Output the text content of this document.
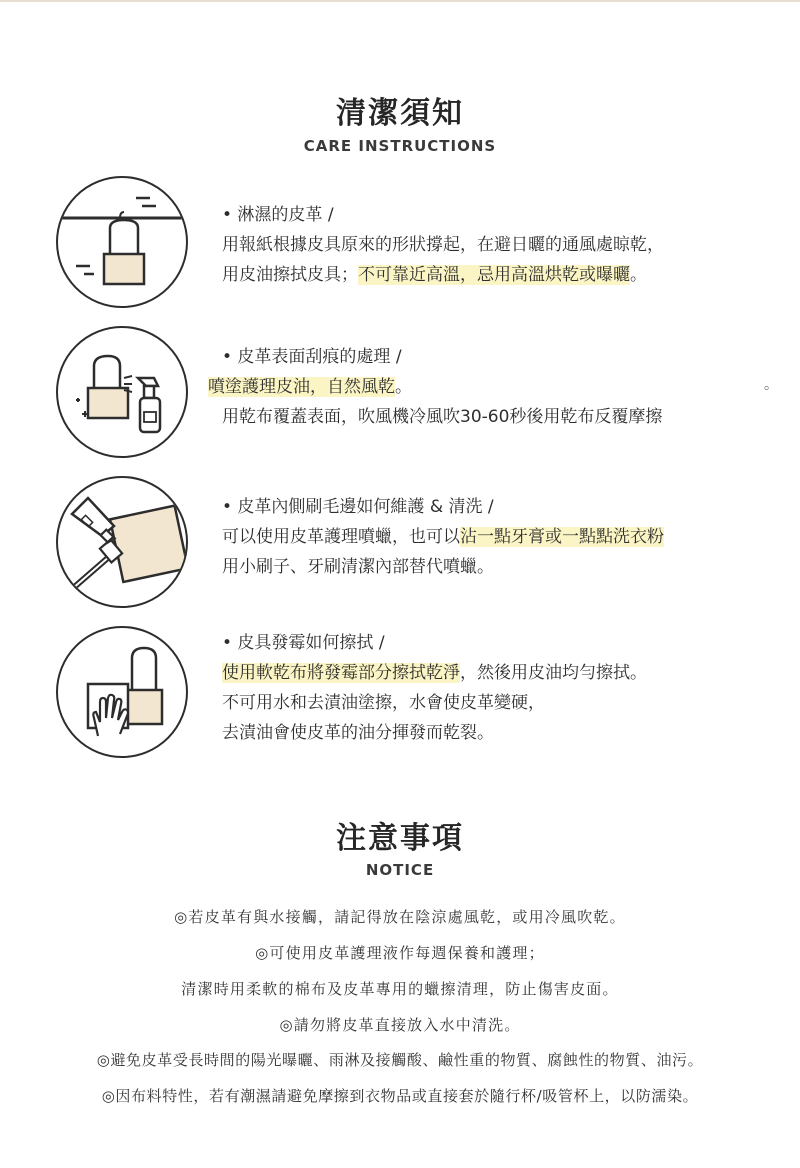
清潔須知
CARE INSTRUCTIONS
• 淋濕的皮革 /
用報紙根據皮具原來的形狀撐起，在避日曬的通風處晾乾，
用皮油擦拭皮具；不可靠近高溫，忌用高溫烘乾或曝曬。
• 皮革表面刮痕的處理 /
噴塗護理皮油，自然風乾。
用乾布覆蓋表面，吹風機冷風吹30-60秒後用乾布反覆摩擦
。
• 皮革內側刷毛邊如何維護 & 清洗 /
可以使用皮革護理噴蠟，也可以沾一點牙膏或一點點洗衣粉
用小刷子、牙刷清潔內部替代噴蠟。
• 皮具發霉如何擦拭 /
使用軟乾布將發霉部分擦拭乾淨，然後用皮油均勻擦拭。
不可用水和去漬油塗擦，水會使皮革變硬，
去漬油會使皮革的油分揮發而乾裂。
注意事項
NOTICE
◎若皮革有與水接觸，請記得放在陰涼處風乾，或用冷風吹乾。
◎可使用皮革護理液作每週保養和護理；
清潔時用柔軟的棉布及皮革專用的蠟擦清理，防止傷害皮面。
◎請勿將皮革直接放入水中清洗。
◎避免皮革受長時間的陽光曝曬、雨淋及接觸酸、鹼性重的物質、腐蝕性的物質、油污。
◎因布料特性，若有潮濕請避免摩擦到衣物品或直接套於隨行杯/吸管杯上，以防濡染。
